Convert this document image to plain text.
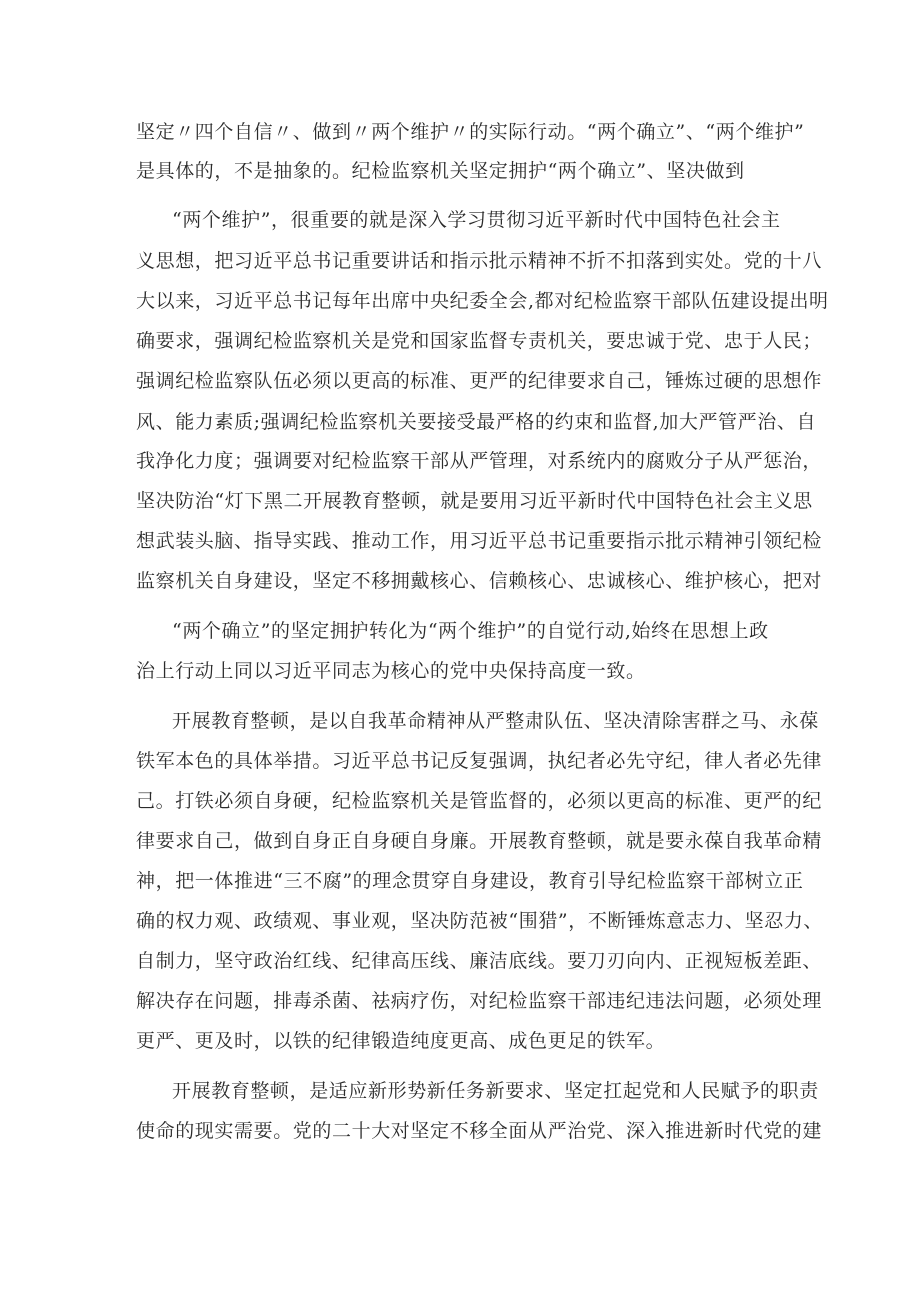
坚定〃四个自信〃、做到〃两个维护〃的实际行动。“两个确立”、“两个维护”

是具体的，不是抽象的。纪检监察机关坚定拥护“两个确立”、坚决做到

“两个维护”，很重要的就是深入学习贯彻习近平新时代中国特色社会主

义思想，把习近平总书记重要讲话和指示批示精神不折不扣落到实处。党的十八

大以来，习近平总书记每年出席中央纪委全会,都对纪检监察干部队伍建设提出明

确要求，强调纪检监察机关是党和国家监督专责机关，要忠诚于党、忠于人民；

强调纪检监察队伍必须以更高的标准、更严的纪律要求自己，锤炼过硬的思想作

风、能力素质;强调纪检监察机关要接受最严格的约束和监督,加大严管严治、自

我净化力度；强调要对纪检监察干部从严管理，对系统内的腐败分子从严惩治，

坚决防治“灯下黑二开展教育整顿，就是要用习近平新时代中国特色社会主义思

想武装头脑、指导实践、推动工作，用习近平总书记重要指示批示精神引领纪检

监察机关自身建设，坚定不移拥戴核心、信赖核心、忠诚核心、维护核心，把对

“两个确立”的坚定拥护转化为“两个维护”的自觉行动,始终在思想上政

治上行动上同以习近平同志为核心的党中央保持高度一致。

开展教育整顿，是以自我革命精神从严整肃队伍、坚决清除害群之马、永葆

铁军本色的具体举措。习近平总书记反复强调，执纪者必先守纪，律人者必先律

己。打铁必须自身硬，纪检监察机关是管监督的，必须以更高的标准、更严的纪

律要求自己，做到自身正自身硬自身廉。开展教育整顿，就是要永葆自我革命精

神，把一体推进“三不腐”的理念贯穿自身建设，教育引导纪检监察干部树立正

确的权力观、政绩观、事业观，坚决防范被“围猎”，不断锤炼意志力、坚忍力、

自制力，坚守政治红线、纪律高压线、廉洁底线。要刀刃向内、正视短板差距、

解决存在问题，排毒杀菌、祛病疗伤，对纪检监察干部违纪违法问题，必须处理

更严、更及时，以铁的纪律锻造纯度更高、成色更足的铁军。

开展教育整顿，是适应新形势新任务新要求、坚定扛起党和人民赋予的职责

使命的现实需要。党的二十大对坚定不移全面从严治党、深入推进新时代党的建
